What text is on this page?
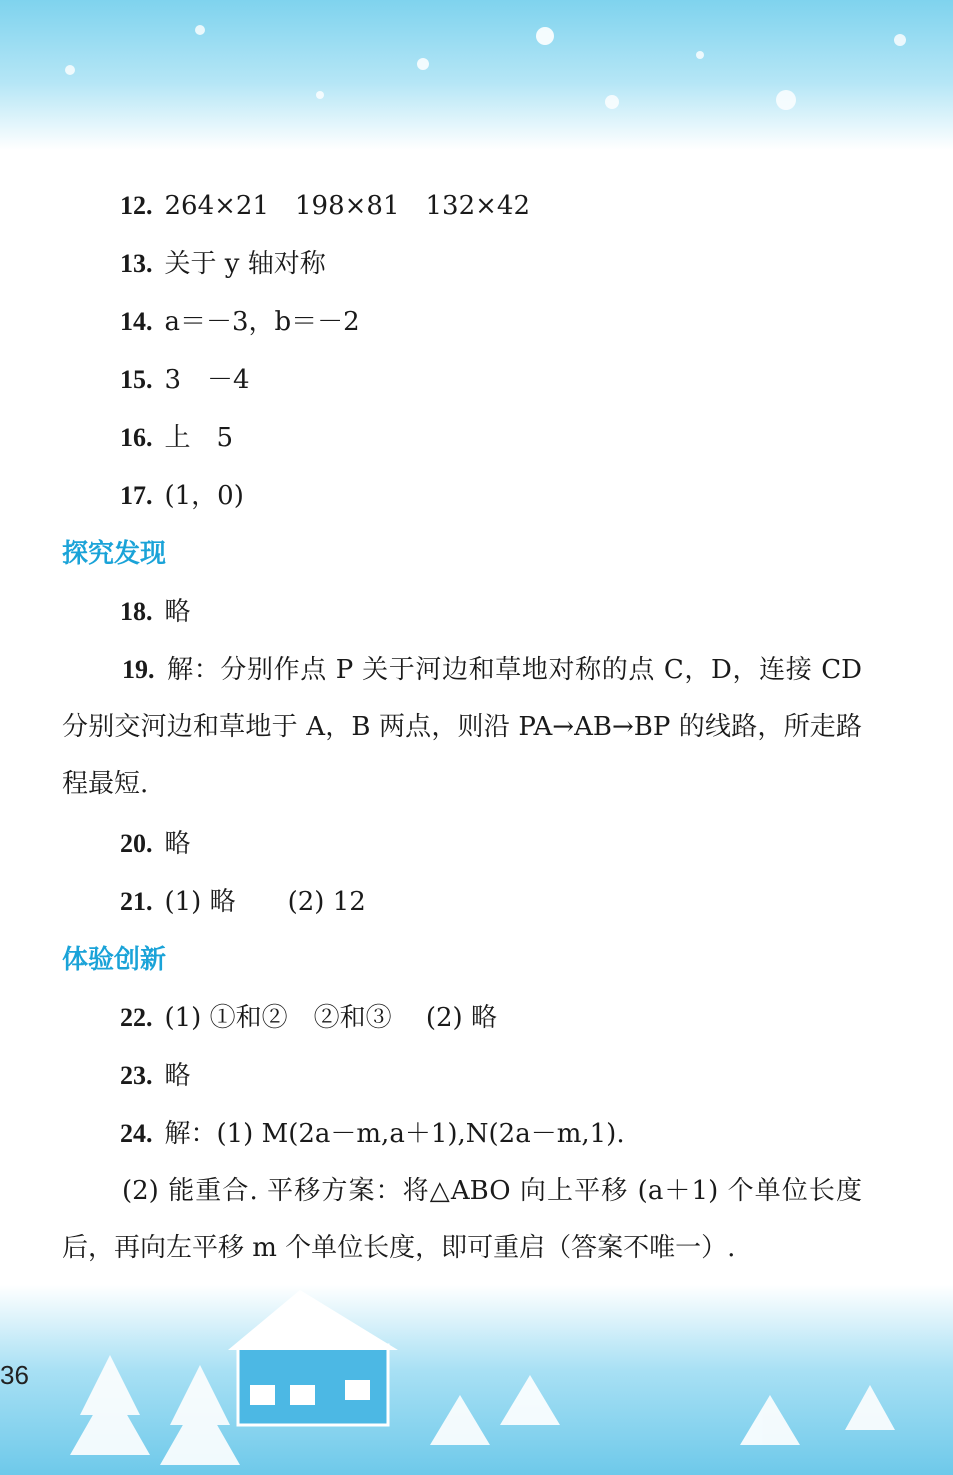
12. 264×21　198×81　132×42
13. 关于 y 轴对称
14. a＝－3，b＝－2
15. 3　－4
16. 上　5
17. (1，0)
探究发现
18. 略
19. 解：分别作点 P 关于河边和草地对称的点 C，D，连接 CD 分别交河边和草地于 A，B 两点，则沿 PA→AB→BP 的线路，所走路程最短.
20. 略
21. (1) 略　　(2) 12
体验创新
22. (1) ①和②　②和③　 (2) 略
23. 略
24. 解：(1) M(2a－m,a＋1),N(2a－m,1).
(2) 能重合. 平移方案：将△ABO 向上平移 (a＋1) 个单位长度后，再向左平移 m 个单位长度，即可重启（答案不唯一）.
36
